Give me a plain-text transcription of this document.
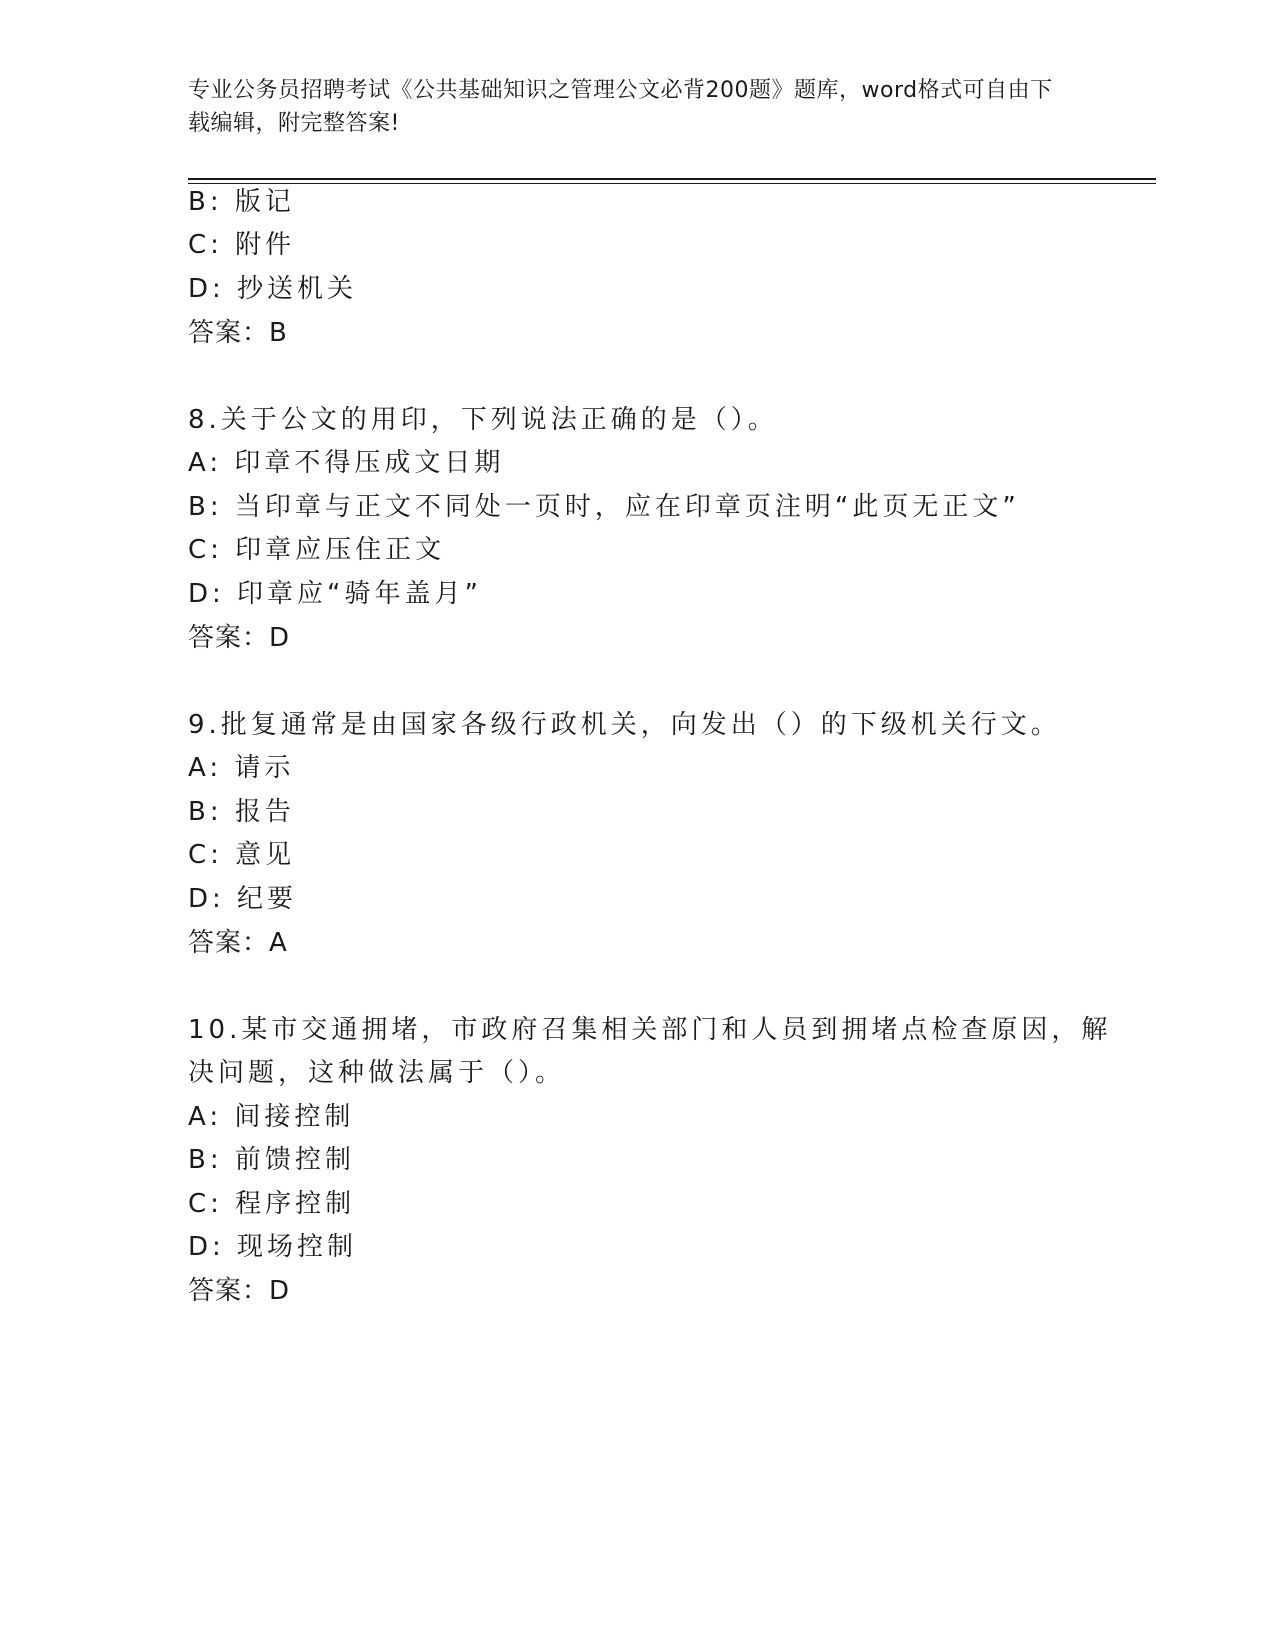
专业公务员招聘考试《公共基础知识之管理公文必背200题》题库，word格式可自由下载编辑，附完整答案!
B: 版记
C: 附件
D: 抄送机关
答案：B
8.关于公文的用印，下列说法正确的是（）。
A: 印章不得压成文日期
B: 当印章与正文不同处一页时，应在印章页注明“此页无正文”
C: 印章应压住正文
D: 印章应“骑年盖月”
答案：D
9.批复通常是由国家各级行政机关，向发出（）的下级机关行文。
A: 请示
B: 报告
C: 意见
D: 纪要
答案：A
10.某市交通拥堵，市政府召集相关部门和人员到拥堵点检查原因，解
决问题，这种做法属于（）。
A: 间接控制
B: 前馈控制
C: 程序控制
D: 现场控制
答案：D
